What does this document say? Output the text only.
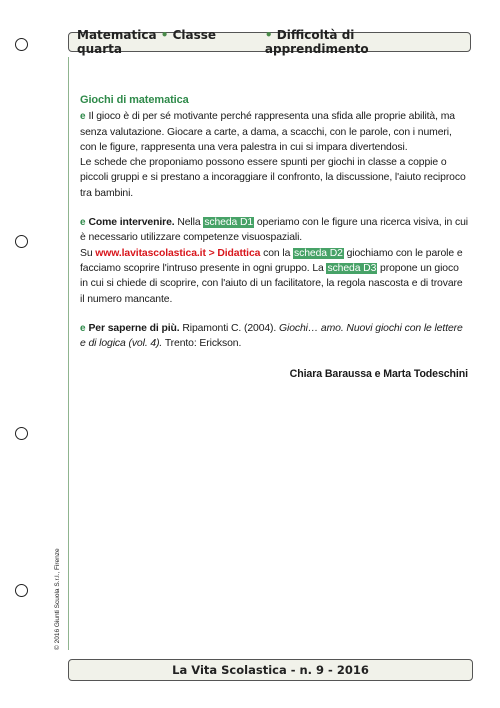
Matematica • Classe quarta
• Difficoltà di apprendimento

Giochi di matematica

e Il gioco è di per sé motivante perché rappresenta una sfida alle proprie abilità, ma senza valutazione. Giocare a carte, a dama, a scacchi, con le parole, con i numeri, con le figure, rappresenta una vera palestra in cui si impara divertendosi.

Le schede che proponiamo possono essere spunti per giochi in classe a coppie o piccoli gruppi e si prestano a incoraggiare il confronto, la discussione, l'aiuto reciproco tra bambini.

e Come intervenire. Nella scheda D1 operiamo con le figure una ricerca visiva, in cui è necessario utilizzare competenze visuospaziali.

Su www.lavitascolastica.it > Didattica con la scheda D2 giochiamo con le parole e facciamo scoprire l'intruso presente in ogni gruppo. La scheda D3 propone un gioco in cui si chiede di scoprire, con l'aiuto di un facilitatore, la regola nascosta e di trovare il numero mancante.

e Per saperne di più. Ripamonti C. (2004). Giochi… amo. Nuovi giochi con le lettere e di logica (vol. 4). Trento: Erickson.

Chiara Baraussa e Marta Todeschini

© 2016 Giunti Scuola S.r.l., Firenze
La Vita Scolastica - n. 9 - 2016
